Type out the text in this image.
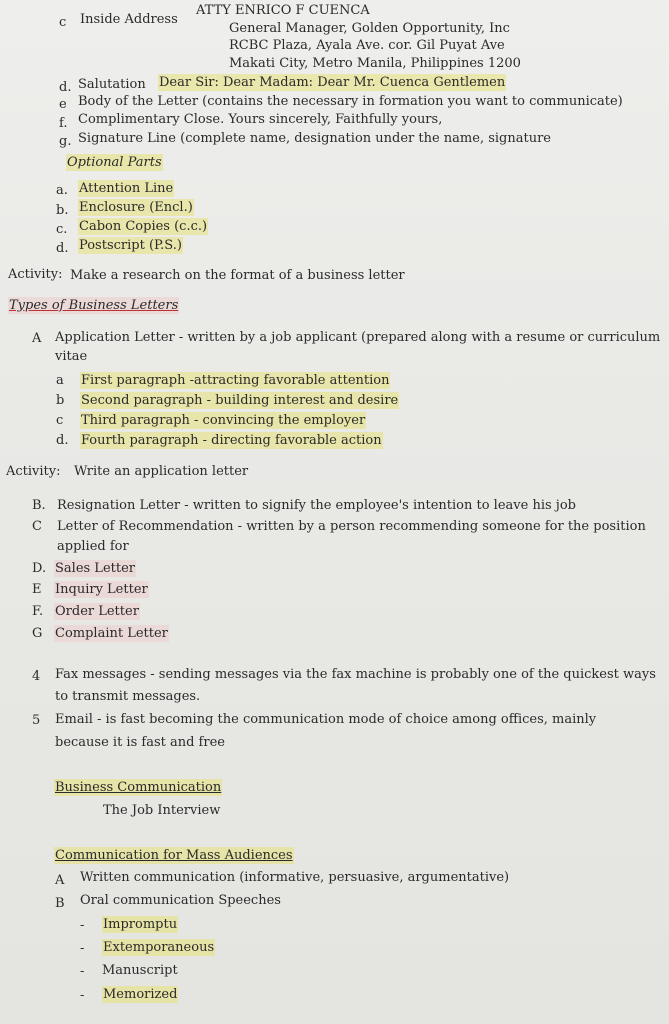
c Inside Address
ATTY ENRICO F CUENCA
General Manager, Golden Opportunity, Inc
RCBC Plaza, Ayala Ave. cor. Gil Puyat Ave
Makati City, Metro Manila, Philippines 1200
d. Salutation Dear Sir: Dear Madam: Dear Mr. Cuenca Gentlemen
e Body of the Letter (contains the necessary in formation you want to communicate)
f. Complimentary Close. Yours sincerely, Faithfully yours,
g. Signature Line (complete name, designation under the name, signature
Optional Parts
a. Attention Line
b. Enclosure (Encl.)
c. Cabon Copies (c.c.)
d. Postscript (P.S.)
Activity: Make a research on the format of a business letter
Types of Business Letters
A Application Letter - written by a job applicant (prepared along with a resume or curriculum
vitae
a First paragraph -attracting favorable attention
b Second paragraph - building interest and desire
c Third paragraph - convincing the employer
d. Fourth paragraph - directing favorable action
Activity: Write an application letter
B. Resignation Letter - written to signify the employee's intention to leave his job
C Letter of Recommendation - written by a person recommending someone for the position
applied for
D. Sales Letter
E Inquiry Letter
F. Order Letter
G Complaint Letter
4 Fax messages - sending messages via the fax machine is probably one of the quickest ways
to transmit messages.
5 Email - is fast becoming the communication mode of choice among offices, mainly
because it is fast and free
Business Communication
The Job Interview
Communication for Mass Audiences
A Written communication (informative, persuasive, argumentative)
B Oral communication Speeches
- Impromptu
- Extemporaneous
- Manuscript
- Memorized
